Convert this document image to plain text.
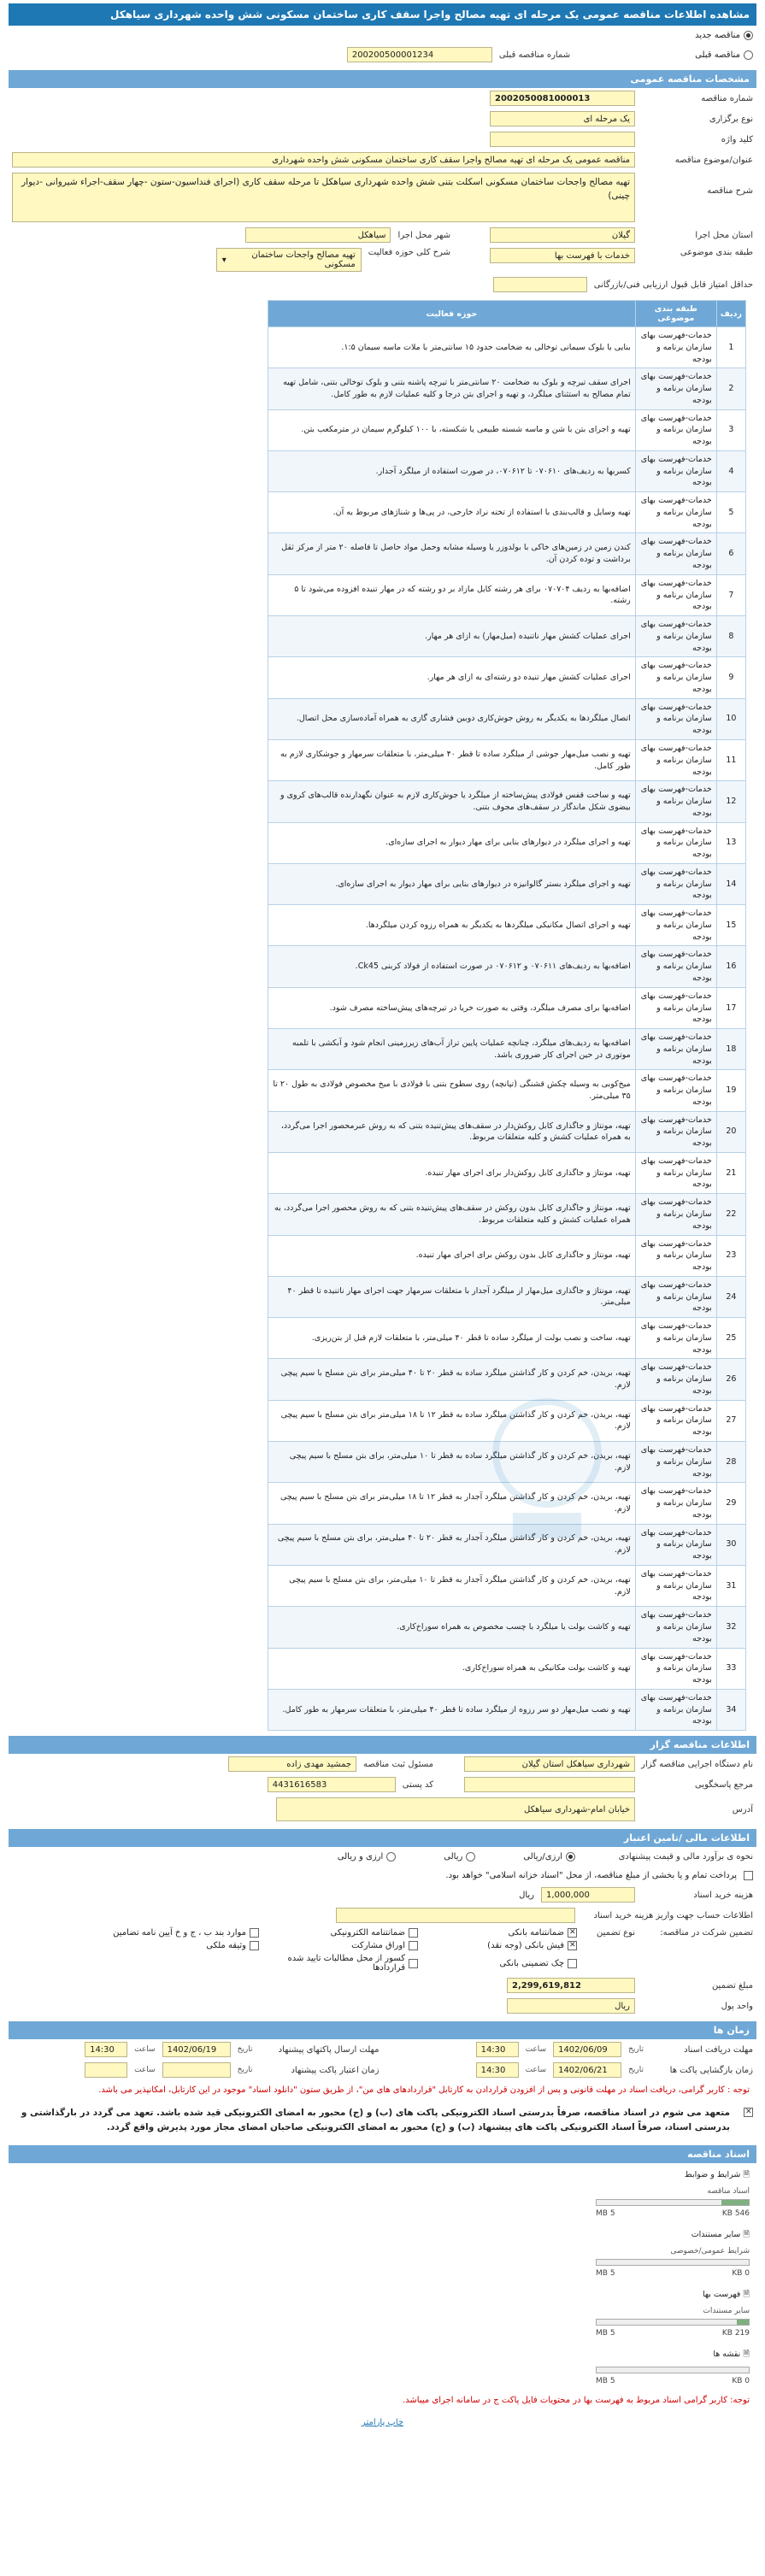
مشاهده اطلاعات مناقصه عمومی یک مرحله ای تهیه مصالح واجرا سقف کاری ساختمان مسکونی شش واحده شهرداری سیاهکل
مناقصه جدید
مناقصه قبلی
شماره مناقصه قبلی
200200500001234
مشخصات مناقصه عمومی
شماره مناقصه
2002050081000013
نوع برگزاری
یک مرحله ای
کلید واژه
عنوان/موضوع مناقصه
مناقصه عمومی یک مرحله ای تهیه مصالح واجرا سقف کاری ساختمان مسکونی شش واحده شهرداری
شرح مناقصه
تهیه مصالح واجحات ساختمان مسکونی اسکلت بتنی شش واحده شهرداری سیاهکل تا مرحله سقف کاری (اجرای فنداسیون-ستون -چهار سقف-اجراء شیروانی -دیوار چینی)
استان محل اجرا
گیلان
شهر محل اجرا
سیاهکل
طبقه بندی موضوعی
خدمات با فهرست بها
شرح کلی حوزه فعالیت
تهیه مصالح واجحات ساختمان مسکونی
▾
حداقل امتیاز قابل قبول ارزیابی فنی/بازرگانی
ردیف	طبقه بندی موضوعی	حوزه فعالیت
1	خدمات-فهرست بهای سازمان برنامه و بودجه	بنایی با بلوک سیمانی توخالی به ضخامت حدود ۱۵ سانتی‌متر با ملات ماسه سیمان ۱:۵.
2	خدمات-فهرست بهای سازمان برنامه و بودجه	اجرای سقف تیرچه و بلوک به ضخامت ۲۰ سانتی‌متر با تیرچه پاشنه بتنی و بلوک توخالی بتنی، شامل تهیه تمام مصالح به استثنای میلگرد، و تهیه و اجرای بتن درجا و کلیه عملیات لازم به طور کامل.
3	خدمات-فهرست بهای سازمان برنامه و بودجه	تهیه و اجرای بتن با شن و ماسه شسته طبیعی یا شکسته، با ۱۰۰ کیلوگرم سیمان در مترمکعب بتن.
4	خدمات-فهرست بهای سازمان برنامه و بودجه	کسربها به ردیف‌های ۰۷۰۶۱۰ تا ۰۷۰۶۱۲، در صورت استفاده از میلگرد آجدار.
5	خدمات-فهرست بهای سازمان برنامه و بودجه	تهیه وسایل و قالب‌بندی با استفاده از تخته نراد خارجی، در پی‌ها و شناژهای مربوط به آن.
6	خدمات-فهرست بهای سازمان برنامه و بودجه	کندن زمین در زمین‌های خاکی با بولدوزر یا وسیله مشابه وحمل مواد حاصل تا فاصله ۲۰ متر از مرکز ثقل برداشت و توده کردن آن.
7	خدمات-فهرست بهای سازمان برنامه و بودجه	اضافه‌بها به ردیف ۰۷۰۷۰۴ برای هر رشته کابل مازاد بر دو رشته که در مهار تنیده افزوده می‌شود تا ۵ رشته.
8	خدمات-فهرست بهای سازمان برنامه و بودجه	اجرای عملیات کشش مهار ناتنیده (میل‌مهار) به ازای هر مهار.
9	خدمات-فهرست بهای سازمان برنامه و بودجه	اجرای عملیات کشش مهار تنیده دو رشته‌ای به ازای هر مهار.
10	خدمات-فهرست بهای سازمان برنامه و بودجه	اتصال میلگردها به یکدیگر به روش جوش‌کاری دوبین فشاری گازی به همراه آماده‌سازی محل اتصال.
11	خدمات-فهرست بهای سازمان برنامه و بودجه	تهیه و نصب میل‌مهار جوشی از میلگرد ساده تا قطر ۴۰ میلی‌متر، با متعلقات سرمهار و جوشکاری لازم به طور کامل.
12	خدمات-فهرست بهای سازمان برنامه و بودجه	تهیه و ساخت قفس فولادی پیش‌ساخته از میلگرد یا جوش‌کاری لازم به عنوان نگهدارنده قالب‌های کروی و بیضوی شکل ماندگار در سقف‌های مجوف بتنی.
13	خدمات-فهرست بهای سازمان برنامه و بودجه	تهیه و اجرای میلگرد در دیوارهای بنایی برای مهار دیوار به اجرای سازه‌ای.
14	خدمات-فهرست بهای سازمان برنامه و بودجه	تهیه و اجرای میلگرد بستر گالوانیزه در دیوارهای بنایی برای مهار دیوار به اجرای سازه‌ای.
15	خدمات-فهرست بهای سازمان برنامه و بودجه	تهیه و اجرای اتصال مکانیکی میلگردها به یکدیگر به همراه رزوه کردن میلگردها.
16	خدمات-فهرست بهای سازمان برنامه و بودجه	اضافه‌بها به ردیف‌های ۰۷۰۶۱۱ و ۰۷۰۶۱۲ در صورت استفاده از فولاد کربنی Ck45.
17	خدمات-فهرست بهای سازمان برنامه و بودجه	اضافه‌بها برای مصرف میلگرد، وقتی به صورت خریا در تیرچه‌های پیش‌ساخته مصرف شود.
18	خدمات-فهرست بهای سازمان برنامه و بودجه	اضافه‌بها به ردیف‌های میلگرد، چنانچه عملیات پایین تراز آب‌های زیرزمینی انجام شود و آبکشی با تلمبه موتوری در حین اجرای کار ضروری باشد.
19	خدمات-فهرست بهای سازمان برنامه و بودجه	میخ‌کوبی به وسیله چکش قشنگی (تپانچه) روی سطوح بتنی با فولادی با میخ مخصوص فولادی به طول ۲۰ تا ۳۵ میلی‌متر.
20	خدمات-فهرست بهای سازمان برنامه و بودجه	تهیه، مونتاژ و جاگذاری کابل روکش‌دار در سقف‌های پیش‌تنیده بتنی که به روش عبرمحصور اجرا می‌گردد، به همراه عملیات کشش و کلیه متعلقات مربوط.
21	خدمات-فهرست بهای سازمان برنامه و بودجه	تهیه، مونتاژ و جاگذاری کابل روکش‌دار برای اجرای مهار تنیده.
22	خدمات-فهرست بهای سازمان برنامه و بودجه	تهیه، مونتاژ و جاگذاری کابل بدون روکش در سقف‌های پیش‌تنیده بتنی که به روش محصور اجرا می‌گردد، به همراه عملیات کشش و کلیه متعلقات مربوط.
23	خدمات-فهرست بهای سازمان برنامه و بودجه	تهیه، مونتاژ و جاگذاری کابل بدون روکش برای اجرای مهار تنیده.
24	خدمات-فهرست بهای سازمان برنامه و بودجه	تهیه، مونتاژ و جاگذاری میل‌مهار از میلگرد آجدار با متعلقات سرمهار جهت اجرای مهار ناتنیده تا قطر ۴۰ میلی‌متر.
25	خدمات-فهرست بهای سازمان برنامه و بودجه	تهیه، ساخت و نصب بولت از میلگرد ساده تا قطر ۴۰ میلی‌متر، با متعلقات لازم قبل از بتن‌ریزی.
26	خدمات-فهرست بهای سازمان برنامه و بودجه	تهیه، بریدن، خم کردن و کار گذاشتن میلگرد ساده به قطر ۲۰ تا ۴۰ میلی‌متر برای بتن مسلح با سیم پیچی لازم.
27	خدمات-فهرست بهای سازمان برنامه و بودجه	تهیه، بریدن، خم کردن و کار گذاشتن میلگرد ساده به قطر ۱۲ تا ۱۸ میلی‌متر برای بتن مسلح با سیم پیچی لازم.
28	خدمات-فهرست بهای سازمان برنامه و بودجه	تهیه، بریدن، خم کردن و کار گذاشتن میلگرد ساده به قطر تا ۱۰ میلی‌متر، برای بتن مسلح با سیم پیچی لازم.
29	خدمات-فهرست بهای سازمان برنامه و بودجه	تهیه، بریدن، خم کردن و کار گذاشتن میلگرد آجدار به قطر ۱۲ تا ۱۸ میلی‌متر برای بتن مسلح با سیم پیچی لازم.
30	خدمات-فهرست بهای سازمان برنامه و بودجه	تهیه، بریدن، خم کردن و کار گذاشتن میلگرد آجدار به قطر ۲۰ تا ۴۰ میلی‌متر، برای بتن مسلح با سیم پیچی لازم.
31	خدمات-فهرست بهای سازمان برنامه و بودجه	تهیه، بریدن، خم کردن و کار گذاشتن میلگرد آجدار به قطر تا ۱۰ میلی‌متر، برای بتن مسلح با سیم پیچی لازم.
32	خدمات-فهرست بهای سازمان برنامه و بودجه	تهیه و کاشت بولت یا میلگرد با چسب مخصوص به همراه سوراخ‌کاری.
33	خدمات-فهرست بهای سازمان برنامه و بودجه	تهیه و کاشت بولت مکانیکی به همراه سوراخ‌کاری.
34	خدمات-فهرست بهای سازمان برنامه و بودجه	تهیه و نصب میل‌مهار دو سر رزوه از میلگرد ساده تا قطر ۴۰ میلی‌متر، با متعلقات سرمهار به طور کامل.
اطلاعات مناقصه گزار
نام دستگاه اجرایی مناقصه گزار
شهرداری سیاهکل استان گیلان
مسئول ثبت مناقصه
جمشید مهدی زاده
مرجع پاسخگویی
کد پستی
4431616583
آدرس
خیابان امام-شهرداری سیاهکل
اطلاعات مالی /تامین اعتبار
نحوه ی برآورد مالی و قیمت پیشنهادی
ارزی/ریالی
ریالی
ارزی و ریالی
پرداخت تمام و یا بخشی از مبلغ مناقصه، از محل "اسناد خزانه اسلامی" خواهد بود.
هزینه خرید اسناد
1,000,000
ریال
اطلاعات حساب جهت واریز هزینه خرید اسناد
تضمین شرکت در مناقصه:
نوع تضمین
✕
ضمانتنامه بانکی
ضمانتنامه الکترونیکی
موارد بند ب ، ج و خ آیین نامه تضامین
✕
فیش بانکی (وجه نقد)
اوراق مشارکت
وثیقه ملکی
چک تضمینی بانکی
کسور از محل مطالبات تایید شده قراردادها
مبلغ تضمین
2,299,619,812
واحد پول
ریال
زمان ها
مهلت دریافت اسناد
تاریخ
1402/06/09
ساعت
14:30
مهلت ارسال پاکتهای پیشنهاد
تاریخ
1402/06/19
ساعت
14:30
زمان بازگشایی پاکت ها
تاریخ
1402/06/21
ساعت
14:30
زمان اعتبار پاکت پیشنهاد
تاریخ
ساعت
توجه : کاربر گرامی، دریافت اسناد در مهلت قانونی و پس از افزودن قراردادن به کارتابل "قراردادهای های من"، از طریق ستون "دانلود اسناد" موجود در این کارتابل، امکانپذیر می باشد.
✕
متعهد می شوم در اسناد مناقصه، صرفاً بدرستی اسناد الکترونیکی پاکت های (ب) و (ج) محبور به امضای الکترونیکی قید شده باشد. تعهد می گردد در بارگذاشتی و بدرستی اسناد، صرفاً اسناد الکترونیکی پاکت های پیشنهاد (ب) و (ج) محبور به امضای الکترونیکی صاحبان امضای مجاز مورد پذیرش واقع گردد.
اسناد مناقصه
🗎 شرایط و ضوابط
اسناد مناقصه
546 KB
5 MB
🗎 سایر مستندات
شرایط عمومی/خصوصی
0 KB
5 MB
🗎 فهرست بها
سایر مستندات
219 KB
5 MB
🗎 نقشه ها
0 KB
5 MB
توجه: کاربر گرامی اسناد مربوط به فهرست بها در محتویات فایل پاکت ج در سامانه اجرای میباشد.
چاپ پارامتر
